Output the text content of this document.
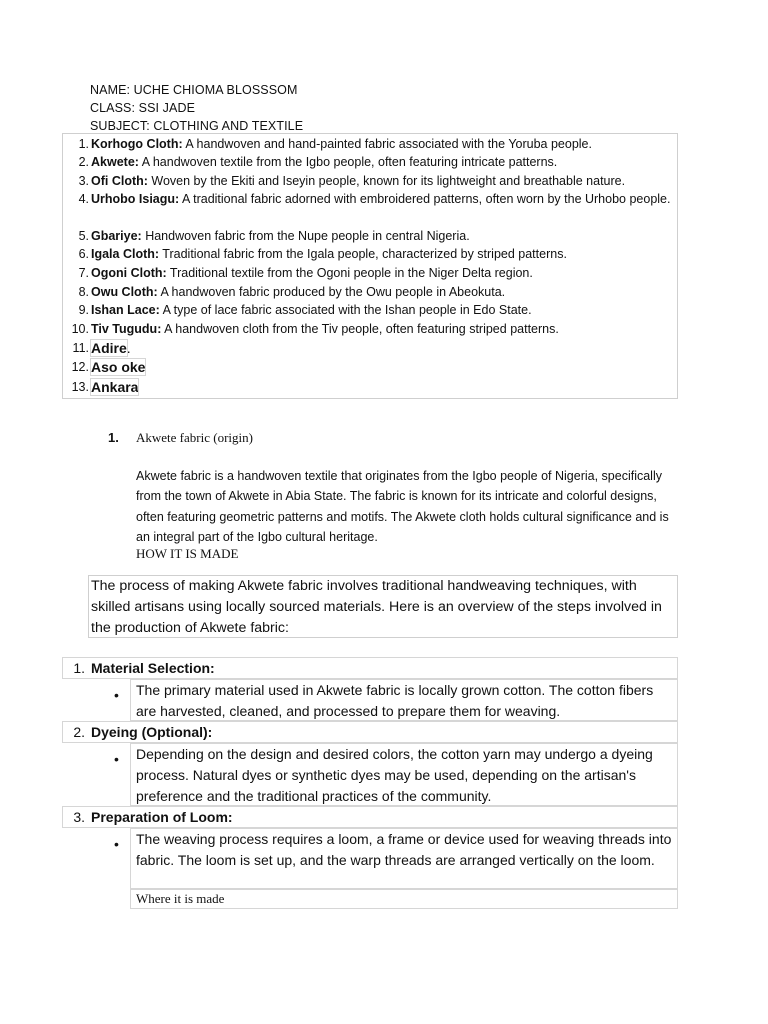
NAME: UCHE CHIOMA BLOSSSOM
CLASS: SSI JADE
SUBJECT: CLOTHING AND TEXTILE
1. Korhogo Cloth: A handwoven and hand-painted fabric associated with the Yoruba people.
2. Akwete: A handwoven textile from the Igbo people, often featuring intricate patterns.
3. Ofi Cloth: Woven by the Ekiti and Iseyin people, known for its lightweight and breathable nature.
4. Urhobo Isiagu: A traditional fabric adorned with embroidered patterns, often worn by the Urhobo people.
5. Gbariye: Handwoven fabric from the Nupe people in central Nigeria.
6. Igala Cloth: Traditional fabric from the Igala people, characterized by striped patterns.
7. Ogoni Cloth: Traditional textile from the Ogoni people in the Niger Delta region.
8. Owu Cloth: A handwoven fabric produced by the Owu people in Abeokuta.
9. Ishan Lace: A type of lace fabric associated with the Ishan people in Edo State.
10. Tiv Tugudu: A handwoven cloth from the Tiv people, often featuring striped patterns.
11. Adire.
12. Aso oke
13. Ankara
1. Akwete fabric (origin)
Akwete fabric is a handwoven textile that originates from the Igbo people of Nigeria, specifically from the town of Akwete in Abia State. The fabric is known for its intricate and colorful designs, often featuring geometric patterns and motifs. The Akwete cloth holds cultural significance and is an integral part of the Igbo cultural heritage.
HOW IT IS MADE
The process of making Akwete fabric involves traditional handweaving techniques, with skilled artisans using locally sourced materials. Here is an overview of the steps involved in the production of Akwete fabric:
1. Material Selection:
• The primary material used in Akwete fabric is locally grown cotton. The cotton fibers are harvested, cleaned, and processed to prepare them for weaving.
2. Dyeing (Optional):
• Depending on the design and desired colors, the cotton yarn may undergo a dyeing process. Natural dyes or synthetic dyes may be used, depending on the artisan's preference and the traditional practices of the community.
3. Preparation of Loom:
• The weaving process requires a loom, a frame or device used for weaving threads into fabric. The loom is set up, and the warp threads are arranged vertically on the loom.
Where it is made
